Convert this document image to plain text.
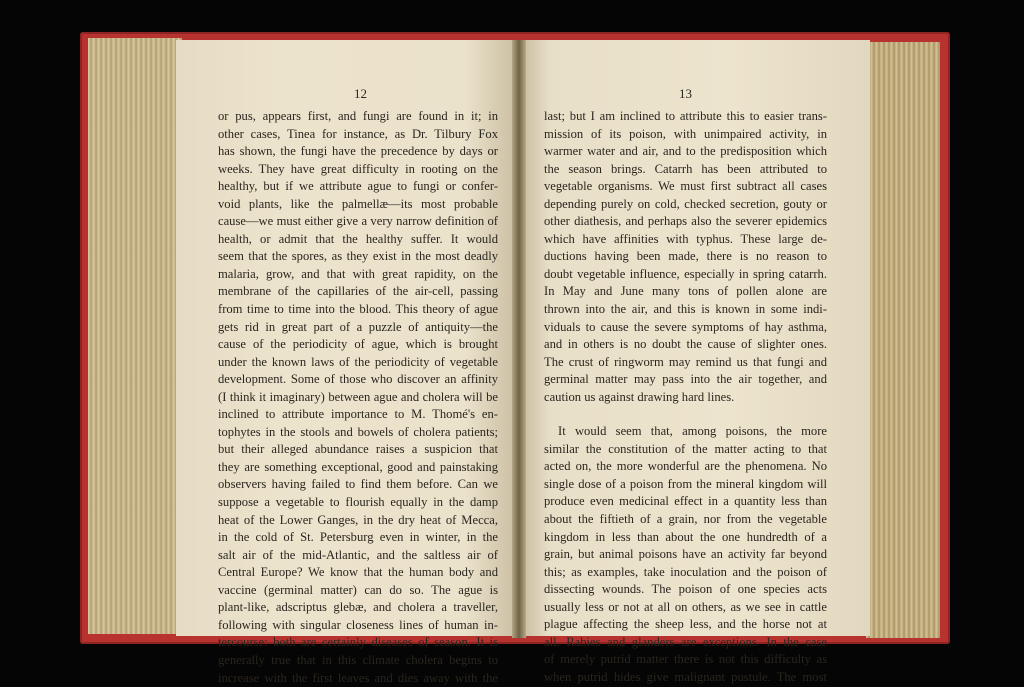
12	13
or pus, appears first, and fungi are found in it; in
other cases, Tinea for instance, as Dr. Tilbury Fox
has shown, the fungi have the precedence by days or
weeks. They have great difficulty in rooting on the
healthy, but if we attribute ague to fungi or confer-
void plants, like the palmellæ—its most probable
cause—we must either give a very narrow definition of
health, or admit that the healthy suffer. It would
seem that the spores, as they exist in the most deadly
malaria, grow, and that with great rapidity, on the
membrane of the capillaries of the air-cell, passing
from time to time into the blood. This theory of ague
gets rid in great part of a puzzle of antiquity—the
cause of the periodicity of ague, which is brought
under the known laws of the periodicity of vegetable
development. Some of those who discover an affinity
(I think it imaginary) between ague and cholera will be
inclined to attribute importance to M. Thomé's en-
tophytes in the stools and bowels of cholera patients;
but their alleged abundance raises a suspicion that
they are something exceptional, good and painstaking
observers having failed to find them before. Can we
suppose a vegetable to flourish equally in the damp
heat of the Lower Ganges, in the dry heat of Mecca,
in the cold of St. Petersburg even in winter, in the
salt air of the mid-Atlantic, and the saltless air of
Central Europe? We know that the human body and
vaccine (germinal matter) can do so. The ague is
plant-like, adscriptus glebæ, and cholera a traveller,
following with singular closeness lines of human in-
tercourse: both are certainly diseases of season. It is
generally true that in this climate cholera begins to
increase with the first leaves and dies away with the
last; but I am inclined to attribute this to easier trans-
mission of its poison, with unimpaired activity, in
warmer water and air, and to the predisposition which
the season brings. Catarrh has been attributed to
vegetable organisms. We must first subtract all cases
depending purely on cold, checked secretion, gouty or
other diathesis, and perhaps also the severer epidemics
which have affinities with typhus. These large de-
ductions having been made, there is no reason to
doubt vegetable influence, especially in spring catarrh.
In May and June many tons of pollen alone are
thrown into the air, and this is known in some indi-
viduals to cause the severe symptoms of hay asthma,
and in others is no doubt the cause of slighter ones.
The crust of ringworm may remind us that fungi and
germinal matter may pass into the air together, and
caution us against drawing hard lines.
It would seem that, among poisons, the more
similar the constitution of the matter acting to that
acted on, the more wonderful are the phenomena. No
single dose of a poison from the mineral kingdom will
produce even medicinal effect in a quantity less than
about the fiftieth of a grain, nor from the vegetable
kingdom in less than about the one hundredth of a
grain, but animal poisons have an activity far beyond
this; as examples, take inoculation and the poison of
dissecting wounds. The poison of one species acts
usually less or not at all on others, as we see in cattle
plague affecting the sheep less, and the horse not at
all. Rabies and glanders are exceptions. In the case
of merely putrid matter there is not this difficulty as
when putrid hides give malignant pustule. The most
